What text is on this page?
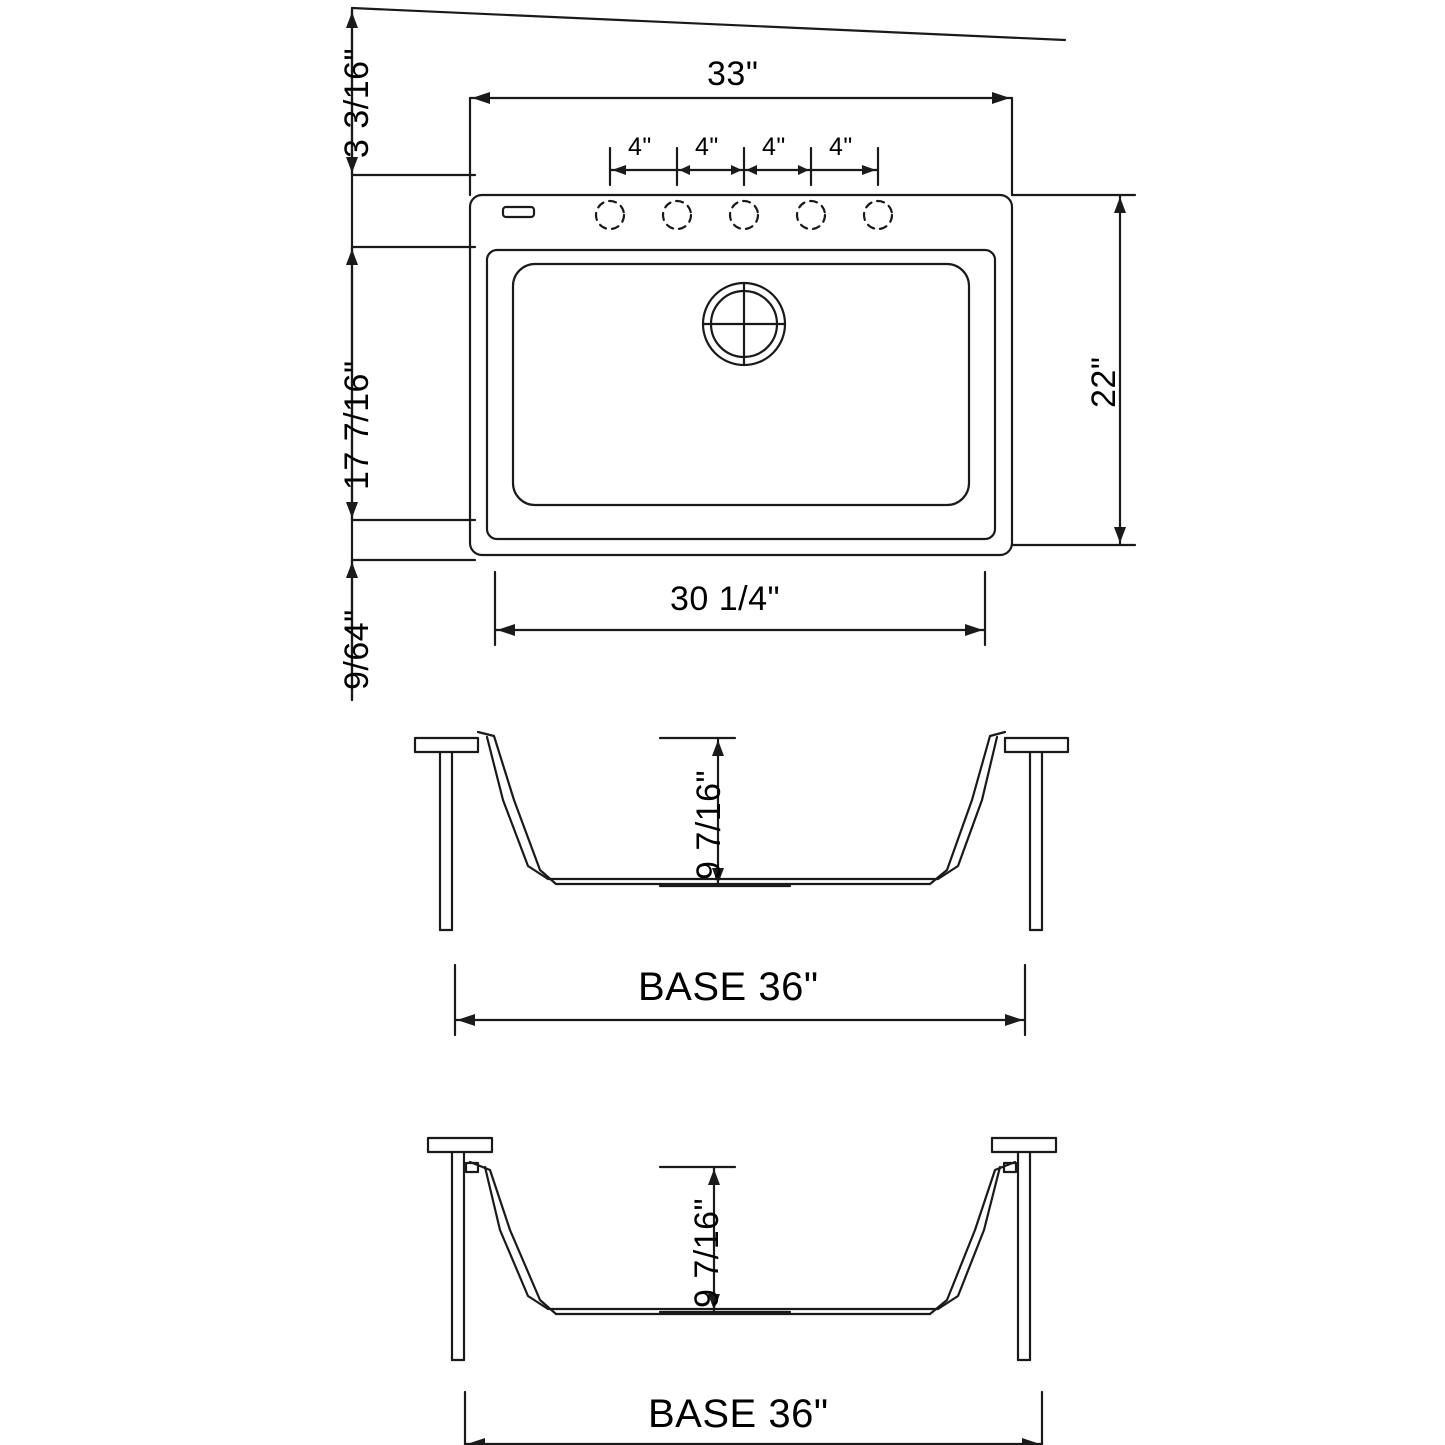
3 3/16"
17 7/16"
9/64"
33"
4" 4" 4" 4"
22"
30 1/4"
9 7/16"
BASE 36"
9 7/16"
BASE 36"
